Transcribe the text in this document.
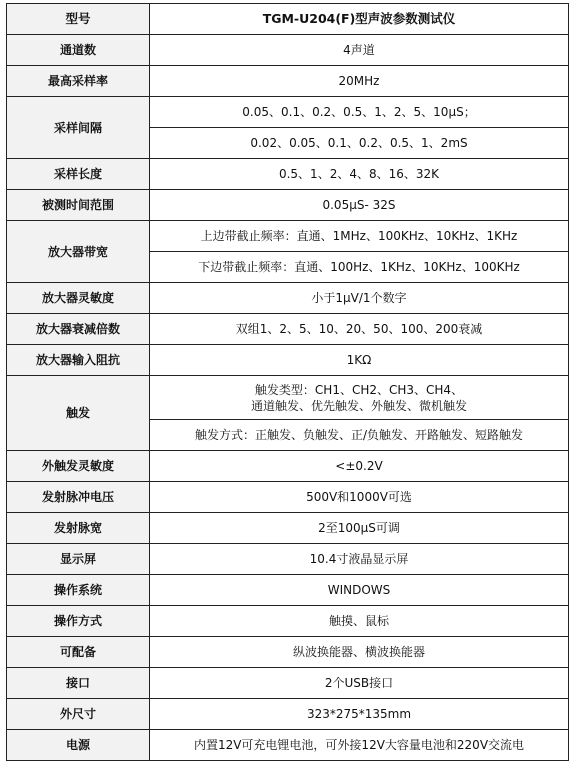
型号	TGM-U204(F)型声波参数测试仪
通道数	4声道
最高采样率	20MHz
采样间隔	0.05、0.1、0.2、0.5、1、2、5、10μS；
	0.02、0.05、0.1、0.2、0.5、1、2mS
采样长度	0.5、1、2、4、8、16、32K
被测时间范围	0.05μS- 32S
放大器带宽	上边带截止频率：直通、1MHz、100KHz、10KHz、1KHz
	下边带截止频率：直通、100Hz、1KHz、10KHz、100KHz
放大器灵敏度	小于1μV/1个数字
放大器衰减倍数	双组1、2、5、10、20、50、100、200衰减
放大器输入阻抗	1KΩ
触发	触发类型：CH1、CH2、CH3、CH4、
通道触发、优先触发、外触发、微机触发

	触发方式：正触发、负触发、正/负触发、开路触发、短路触发
外触发灵敏度	<±0.2V
发射脉冲电压	500V和1000V可选
发射脉宽	2至100μS可调
显示屏	10.4寸液晶显示屏
操作系统	WINDOWS
操作方式	触摸、鼠标
可配备	纵波换能器、横波换能器
接口	2个USB接口
外尺寸	323*275*135mm
电源	内置12V可充电锂电池，可外接12V大容量电池和220V交流电
